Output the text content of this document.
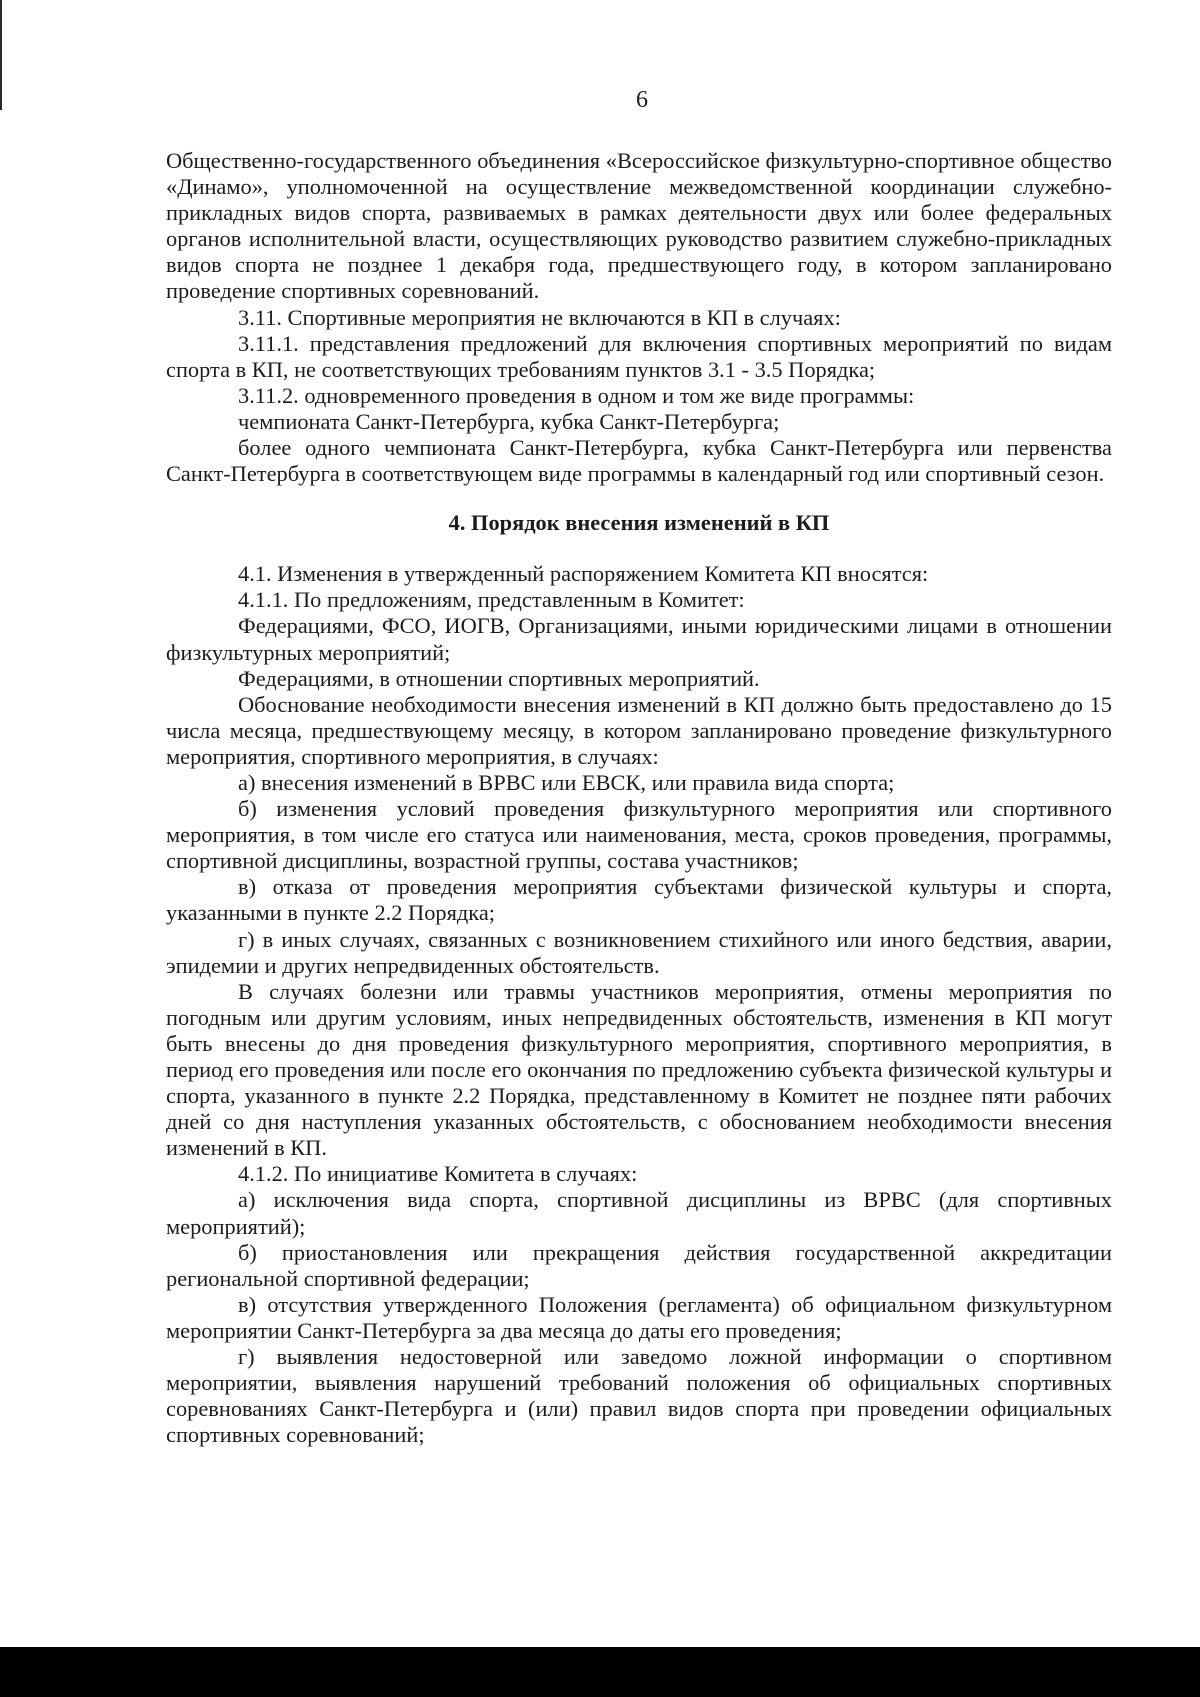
6

Общественно-государственного объединения «Всероссийское физкультурно-спортивное общество «Динамо», уполномоченной на осуществление межведомственной координации служебно-прикладных видов спорта, развиваемых в рамках деятельности двух или более федеральных органов исполнительной власти, осуществляющих руководство развитием служебно-прикладных видов спорта не позднее 1 декабря года, предшествующего году, в котором запланировано проведение спортивных соревнований.

3.11. Спортивные мероприятия не включаются в КП в случаях:

3.11.1. представления предложений для включения спортивных мероприятий по видам спорта в КП, не соответствующих требованиям пунктов 3.1 - 3.5 Порядка;

3.11.2. одновременного проведения в одном и том же виде программы:

чемпионата Санкт-Петербурга, кубка Санкт-Петербурга;

более одного чемпионата Санкт-Петербурга, кубка Санкт-Петербурга или первенства Санкт-Петербурга в соответствующем виде программы в календарный год или спортивный сезон.

4. Порядок внесения изменений в КП

4.1. Изменения в утвержденный распоряжением Комитета КП вносятся:

4.1.1. По предложениям, представленным в Комитет:

Федерациями, ФСО, ИОГВ, Организациями, иными юридическими лицами в отношении физкультурных мероприятий;

Федерациями, в отношении спортивных мероприятий.

Обоснование необходимости внесения изменений в КП должно быть предоставлено до 15 числа месяца, предшествующему месяцу, в котором запланировано проведение физкультурного мероприятия, спортивного мероприятия, в случаях:

а) внесения изменений в ВРВС или ЕВСК, или правила вида спорта;

б) изменения условий проведения физкультурного мероприятия или спортивного мероприятия, в том числе его статуса или наименования, места, сроков проведения, программы, спортивной дисциплины, возрастной группы, состава участников;

в) отказа от проведения мероприятия субъектами физической культуры и спорта, указанными в пункте 2.2 Порядка;

г) в иных случаях, связанных с возникновением стихийного или иного бедствия, аварии, эпидемии и других непредвиденных обстоятельств.

В случаях болезни или травмы участников мероприятия, отмены мероприятия по погодным или другим условиям, иных непредвиденных обстоятельств, изменения в КП могут быть внесены до дня проведения физкультурного мероприятия, спортивного мероприятия, в период его проведения или после его окончания по предложению субъекта физической культуры и спорта, указанного в пункте 2.2 Порядка, представленному в Комитет не позднее пяти рабочих дней со дня наступления указанных обстоятельств, с обоснованием необходимости внесения изменений в КП.

4.1.2. По инициативе Комитета в случаях:

а) исключения вида спорта, спортивной дисциплины из ВРВС (для спортивных мероприятий);

б) приостановления или прекращения действия государственной аккредитации региональной спортивной федерации;

в) отсутствия утвержденного Положения (регламента) об официальном физкультурном мероприятии Санкт-Петербурга за два месяца до даты его проведения;

г) выявления недостоверной или заведомо ложной информации о спортивном мероприятии, выявления нарушений требований положения об официальных спортивных соревнованиях Санкт-Петербурга и (или) правил видов спорта при проведении официальных спортивных соревнований;
